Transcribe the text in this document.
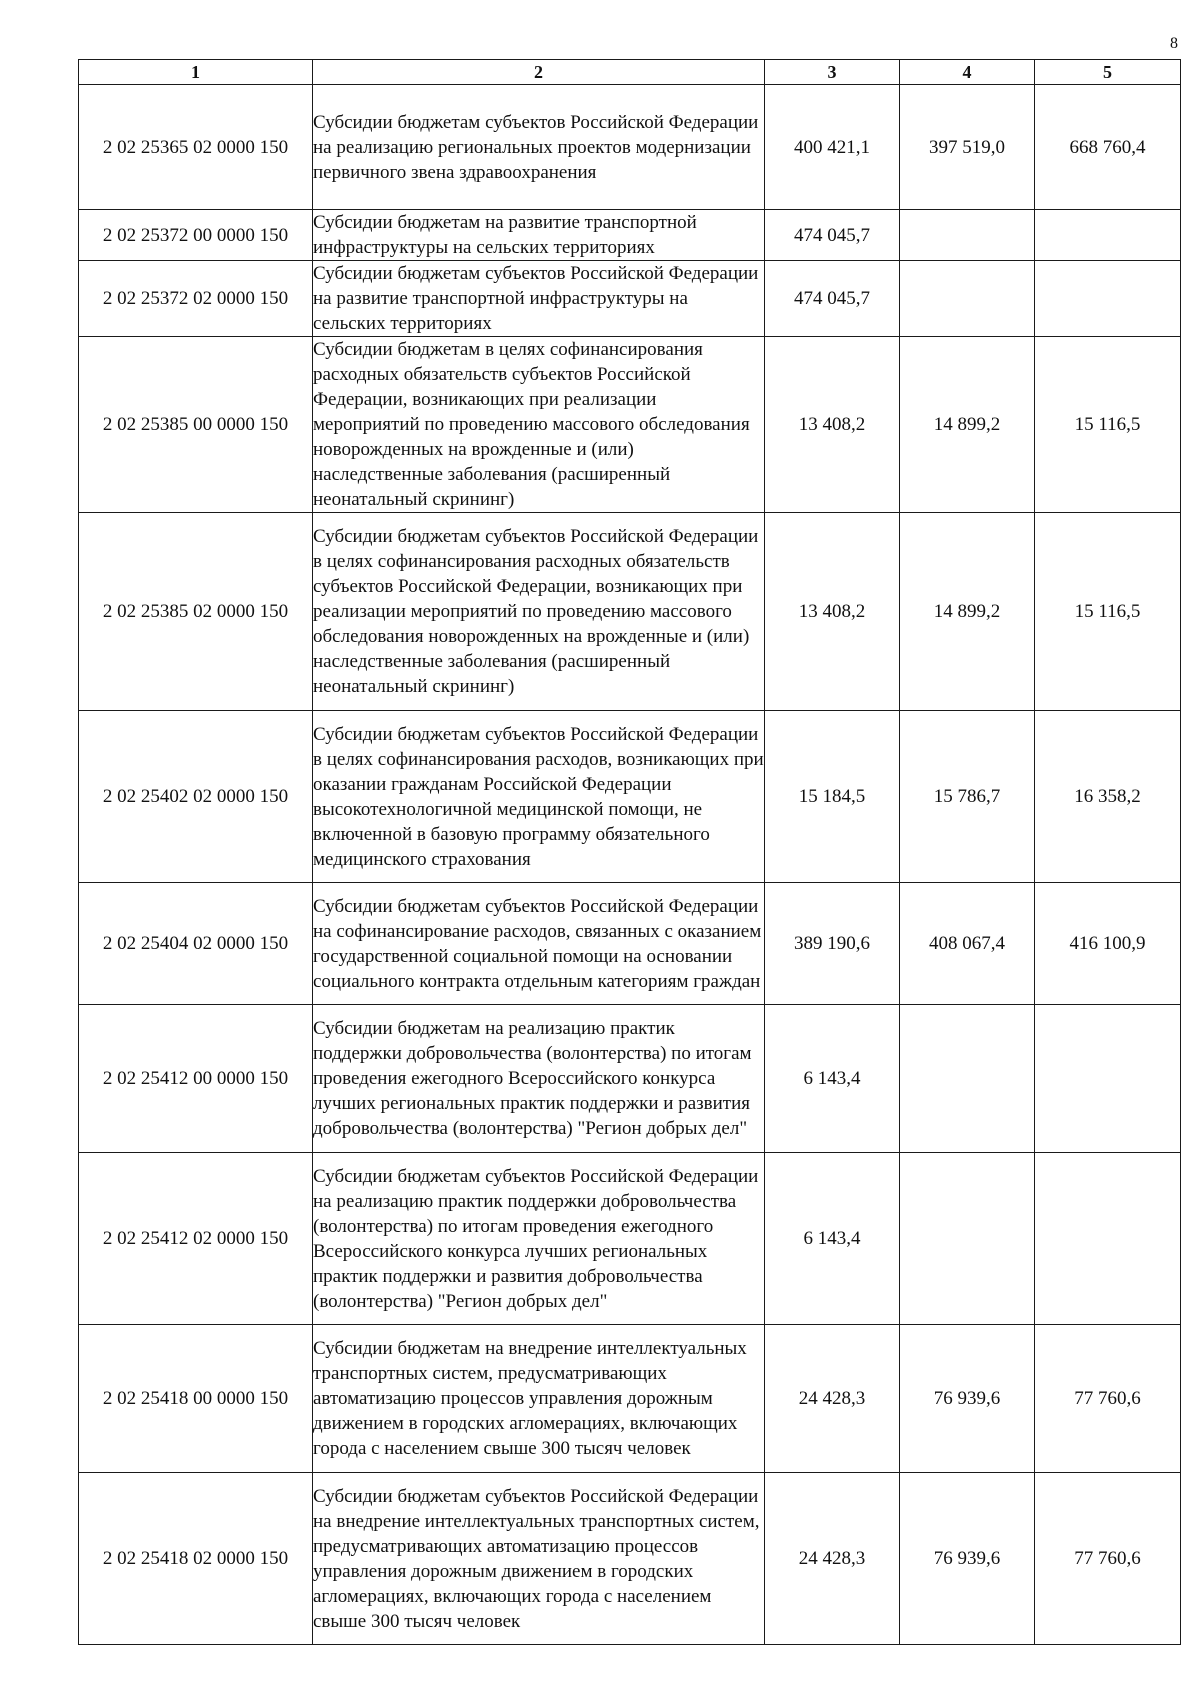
8
1	2	3	4	5
2 02 25365 02 0000 150	Субсидии бюджетам субъектов Российской Федерации на реализацию региональных проектов модернизации первичного звена здравоохранения	400 421,1	397 519,0	668 760,4
2 02 25372 00 0000 150	Субсидии бюджетам на развитие транспортной инфраструктуры на сельских территориях	474 045,7		
2 02 25372 02 0000 150	Субсидии бюджетам субъектов Российской Федерации на развитие транспортной инфраструктуры на сельских территориях	474 045,7		
2 02 25385 00 0000 150	Субсидии бюджетам в целях софинансирования расходных обязательств субъектов Российской Федерации, возникающих при реализации мероприятий по проведению массового обследования новорожденных на врожденные и (или) наследственные заболевания (расширенный неонатальный скрининг)	13 408,2	14 899,2	15 116,5
2 02 25385 02 0000 150	Субсидии бюджетам субъектов Российской Федерации в целях софинансирования расходных обязательств субъектов Российской Федерации, возникающих при реализации мероприятий по проведению массового обследования новорожденных на врожденные и (или) наследственные заболевания (расширенный неонатальный скрининг)	13 408,2	14 899,2	15 116,5
2 02 25402 02 0000 150	Субсидии бюджетам субъектов Российской Федерации в целях софинансирования расходов, возникающих при оказании гражданам Российской Федерации высокотехнологичной медицинской помощи, не включенной в базовую программу обязательного медицинского страхования	15 184,5	15 786,7	16 358,2
2 02 25404 02 0000 150	Субсидии бюджетам субъектов Российской Федерации на софинансирование расходов, связанных с оказанием государственной социальной помощи на основании социального контракта отдельным категориям граждан	389 190,6	408 067,4	416 100,9
2 02 25412 00 0000 150	Субсидии бюджетам на реализацию практик поддержки добровольчества (волонтерства) по итогам проведения ежегодного Всероссийского конкурса лучших региональных практик поддержки и развития добровольчества (волонтерства) "Регион добрых дел"	6 143,4		
2 02 25412 02 0000 150	Субсидии бюджетам субъектов Российской Федерации на реализацию практик поддержки добровольчества (волонтерства) по итогам проведения ежегодного Всероссийского конкурса лучших региональных практик поддержки и развития добровольчества (волонтерства) "Регион добрых дел"	6 143,4		
2 02 25418 00 0000 150	Субсидии бюджетам на внедрение интеллектуальных транспортных систем, предусматривающих автоматизацию процессов управления дорожным движением в городских агломерациях, включающих города с населением свыше 300 тысяч человек	24 428,3	76 939,6	77 760,6
2 02 25418 02 0000 150	Субсидии бюджетам субъектов Российской Федерации на внедрение интеллектуальных транспортных систем, предусматривающих автоматизацию процессов управления дорожным движением в городских агломерациях, включающих города с населением свыше 300 тысяч человек	24 428,3	76 939,6	77 760,6
